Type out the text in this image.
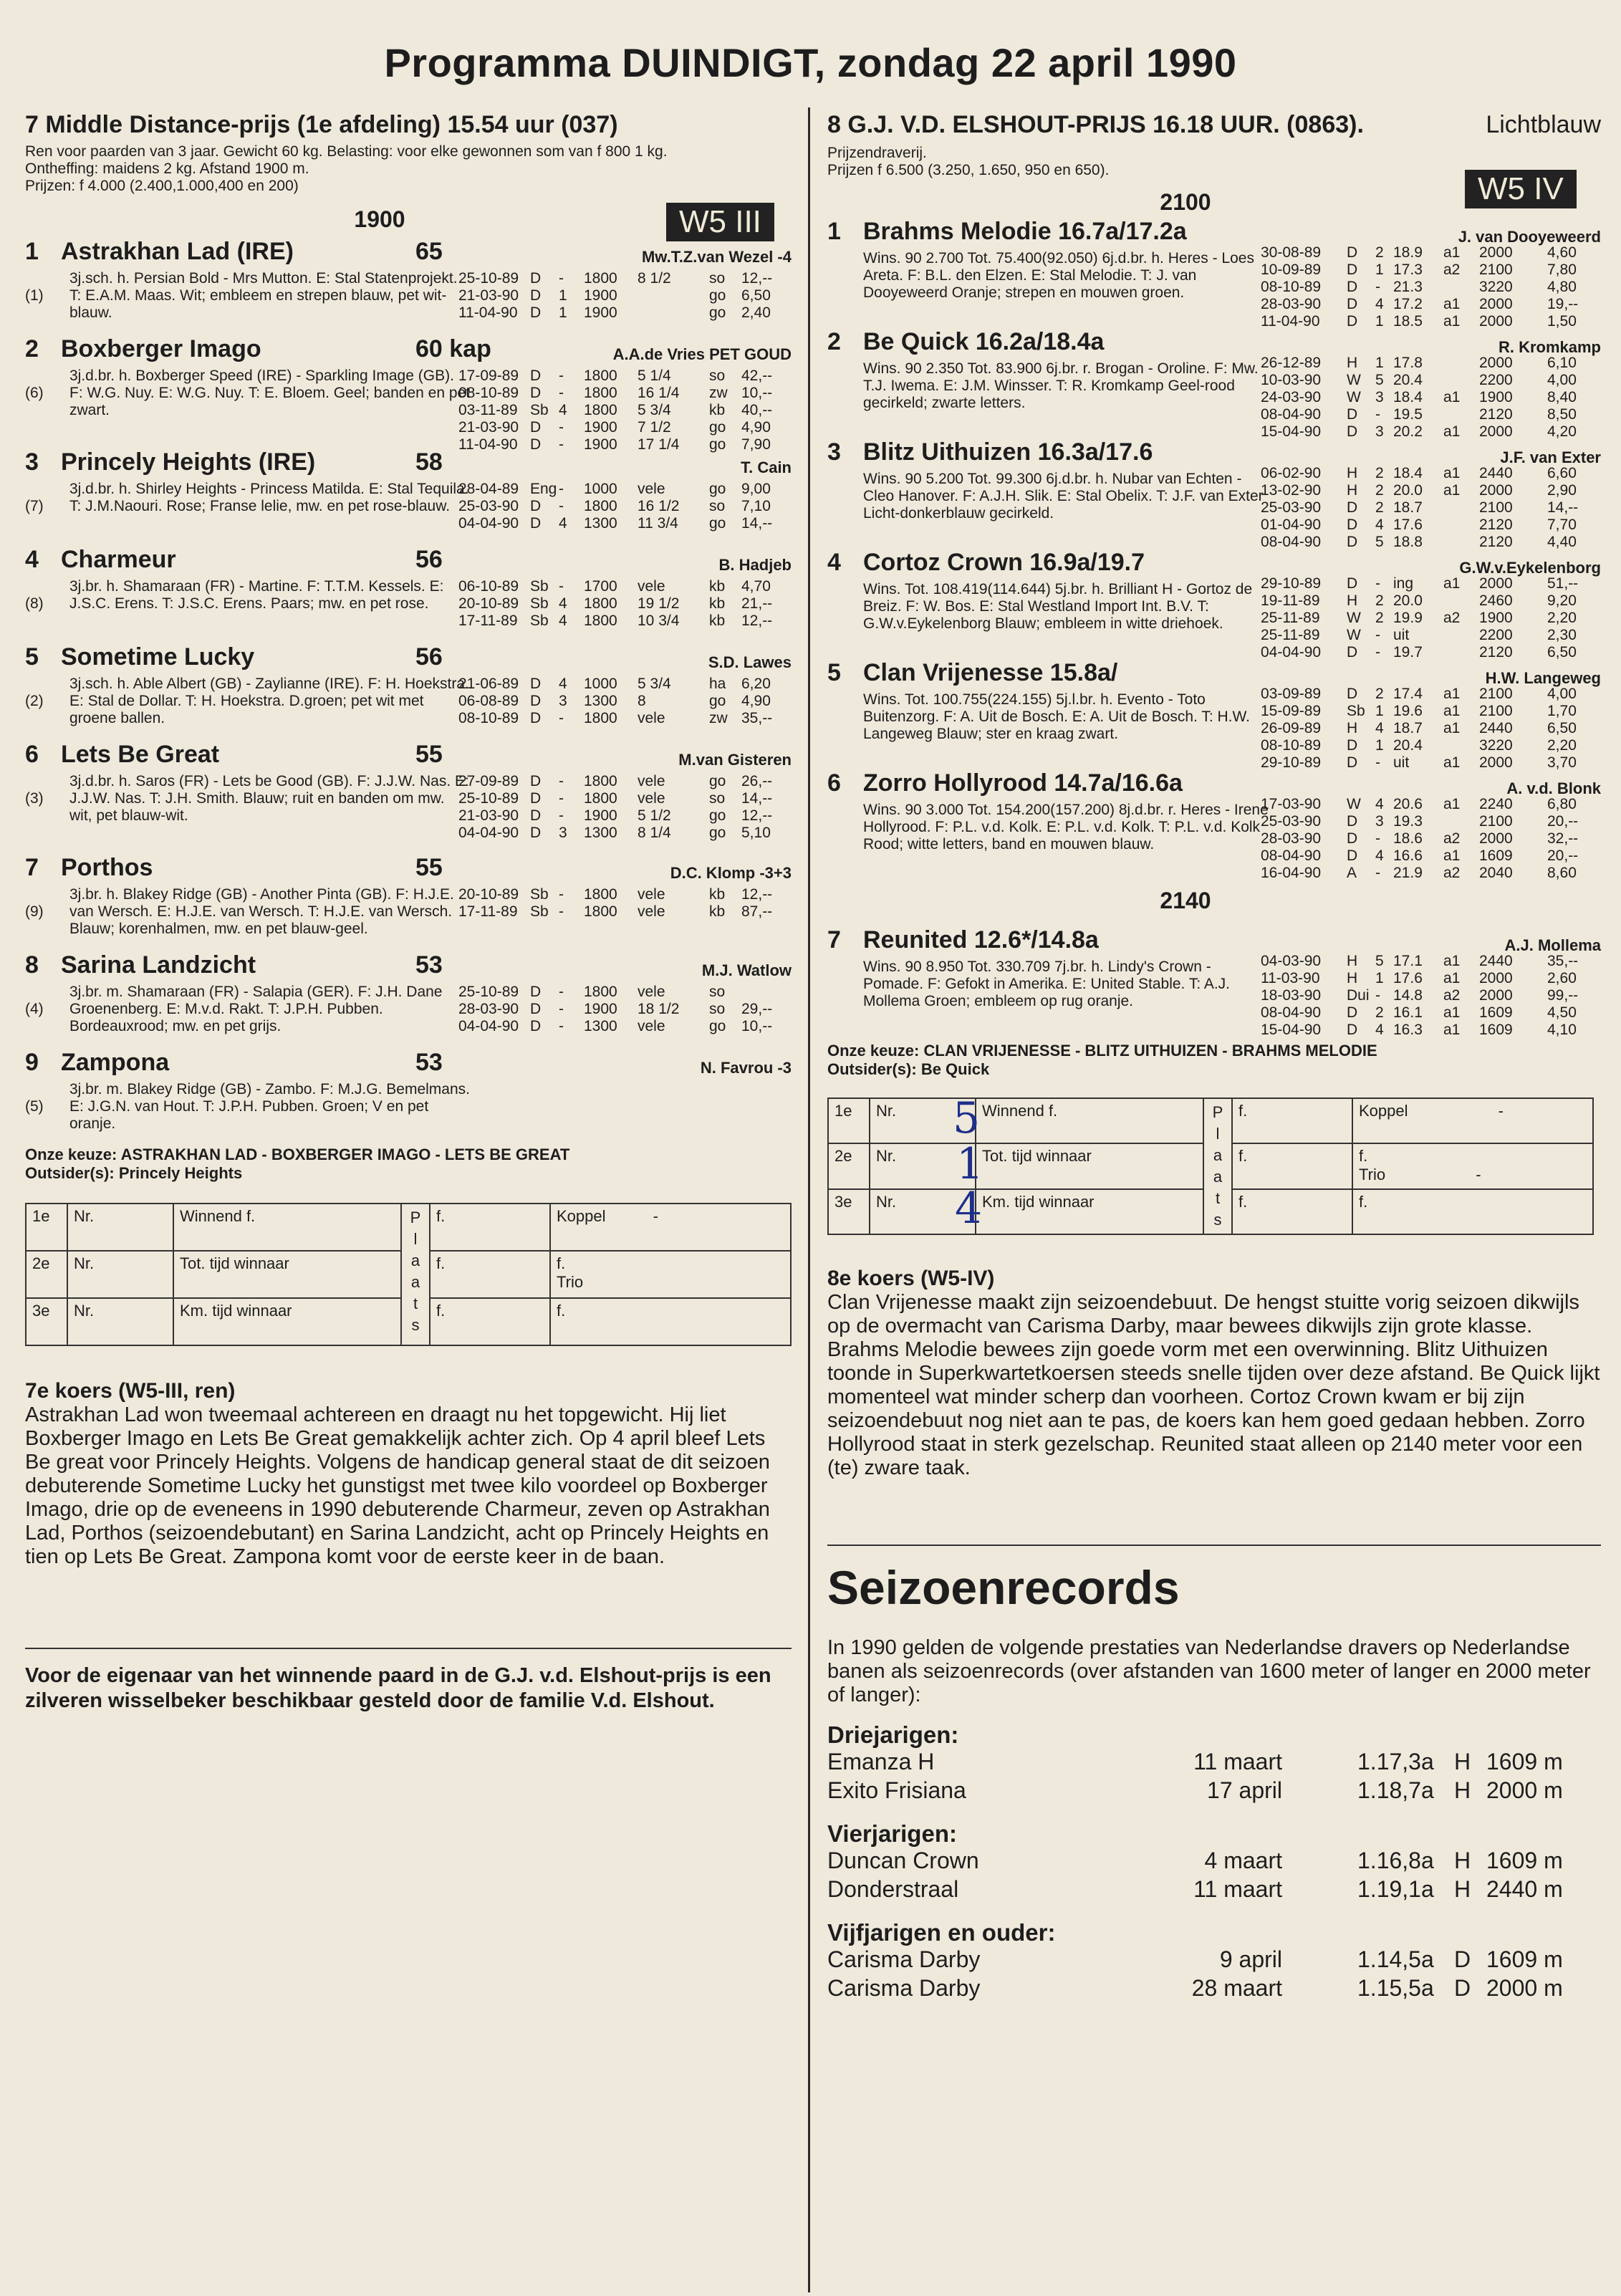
Programma DUINDIGT, zondag 22 april 1990
7 Middle Distance-prijs (1e afdeling) 15.54 uur (037)
Ren voor paarden van 3 jaar. Gewicht 60 kg. Belasting: voor elke gewonnen som van f 800 1 kg.
Ontheffing: maidens 2 kg. Afstand 1900 m.
Prijzen: f 4.000 (2.400,1.000,400 en 200)
W5 III
1900
1 Astrakhan Lad (IRE)	65	Mw.T.Z.van Wezel -4
3j.sch. h. Persian Bold - Mrs Mutton. E: Stal Statenprojekt. T: E.A.M. Maas. Wit; embleem en strepen blauw, pet wit-blauw.
(1)
25-10-89 D - 1800 8 1/2	so 12,--
21-03-90 D 1 1900	go 6,50
11-04-90 D 1 1900	go 2,40
2 Boxberger Imago	60 kap	A.A.de Vries PET GOUD
3j.d.br. h. Boxberger Speed (IRE) - Sparkling Image (GB). F: W.G. Nuy. E: W.G. Nuy. T: E. Bloem. Geel; banden en pet zwart.
(6)
17-09-89 D - 1800 5 1/4	so 42,--
08-10-89 D - 1800 16 1/4 zw 10,--
03-11-89 Sb 4 1800 5 3/4	kb 40,--
21-03-90 D - 1900 7 1/2	go 4,90
11-04-90 D - 1900 17 1/4 go 7,90
3 Princely Heights (IRE)	58	T. Cain
3j.d.br. h. Shirley Heights - Princess Matilda. E: Stal Tequila. T: J.M.Naouri. Rose; Franse lelie, mw. en pet rose-blauw.
(7)
28-04-89 Eng - 1000 vele	go 9,00
25-03-90 D - 1800 16 1/2 so 7,10
04-04-90 D 4 1300 11 3/4 go 14,--
4 Charmeur	56	B. Hadjeb
3j.br. h. Shamaraan (FR) - Martine. F: T.T.M. Kessels. E: J.S.C. Erens. T: J.S.C. Erens. Paars; mw. en pet rose.
(8)
06-10-89 Sb - 1700 vele	kb 4,70
20-10-89 Sb 4 1800 19 1/2 kb 21,--
17-11-89 Sb 4 1800 10 3/4 kb 12,--
5 Sometime Lucky	56	S.D. Lawes
3j.sch. h. Able Albert (GB) - Zaylianne (IRE). F: H. Hoekstra. E: Stal de Dollar. T: H. Hoekstra. D.groen; pet wit met groene ballen.
(2)
21-06-89 D 4 1000 5 3/4	ha 6,20
06-08-89 D 3 1300 8	go 4,90
08-10-89 D - 1800 vele	zw 35,--
6 Lets Be Great	55	M.van Gisteren
3j.d.br. h. Saros (FR) - Lets be Good (GB). F: J.J.W. Nas. E: J.J.W. Nas. T: J.H. Smith. Blauw; ruit en banden om mw. wit, pet blauw-wit.
(3)
27-09-89 D - 1800 vele	go 26,--
25-10-89 D - 1800 vele	so 14,--
21-03-90 D - 1900 5 1/2	go 12,--
04-04-90 D 3 1300 8 1/4	go 5,10
7 Porthos	55	D.C. Klomp -3+3
3j.br. h. Blakey Ridge (GB) - Another Pinta (GB). F: H.J.E. van Wersch. E: H.J.E. van Wersch. T: H.J.E. van Wersch. Blauw; korenhalmen, mw. en pet blauw-geel.
(9)
20-10-89 Sb - 1800 vele	kb 12,--
17-11-89 Sb - 1800 vele	kb 87,--
8 Sarina Landzicht	53	M.J. Watlow
3j.br. m. Shamaraan (FR) - Salapia (GER). F: J.H. Dane Groenenberg. E: M.v.d. Rakt. T: J.P.H. Pubben. Bordeauxrood; mw. en pet grijs.
(4)
25-10-89 D - 1800 vele	so
28-03-90 D - 1900 18 1/2 so 29,--
04-04-90 D - 1300 vele	go 10,--
9 Zampona	53	N. Favrou -3
3j.br. m. Blakey Ridge (GB) - Zambo. F: M.J.G. Bemelmans. E: J.G.N. van Hout. T: J.P.H. Pubben. Groen; V en pet oranje.
(5)
Onze keuze: ASTRAKHAN LAD - BOXBERGER IMAGO - LETS BE GREAT
Outsider(s): Princely Heights
1e	Nr.	Winnend f.	P l a a t s	f.	Koppel -
2e	Nr.	Tot. tijd winnaar		f.	f.
Trio

3e	Nr.	Km. tijd winnaar		f.	f.
7e koers (W5-III, ren)
Astrakhan Lad won tweemaal achtereen en draagt nu het topgewicht. Hij liet Boxberger Imago en Lets Be Great gemakkelijk achter zich. Op 4 april bleef Lets Be great voor Princely Heights. Volgens de handicap general staat de dit seizoen debuterende Sometime Lucky het gunstigst met twee kilo voordeel op Boxberger Imago, drie op de eveneens in 1990 debuterende Charmeur, zeven op Astrakhan Lad, Porthos (seizoendebutant) en Sarina Landzicht, acht op Princely Heights en tien op Lets Be Great. Zampona komt voor de eerste keer in de baan.
Voor de eigenaar van het winnende paard in de G.J. v.d. Elshout-prijs is een zilveren wisselbeker beschikbaar gesteld door de familie V.d. Elshout.
8 G.J. V.D. ELSHOUT-PRIJS 16.18 UUR. (0863).	Lichtblauw
Prijzendraverij.
Prijzen f 6.500 (3.250, 1.650, 950 en 650).
W5 IV
2100
1 Brahms Melodie 16.7a/17.2a	J. van Dooyeweerd
Wins. 90 2.700 Tot. 75.400(92.050) 6j.d.br. h. Heres - Loes Areta. F: B.L. den Elzen. E: Stal Melodie. T: J. van Dooyeweerd Oranje; strepen en mouwen groen.
30-08-89 D 2 18.9 a1 2000 4,60
10-09-89 D 1 17.3 a2 2100 7,80
08-10-89 D - 21.3	3220 4,80
28-03-90 D 4 17.2 a1 2000 19,--
11-04-90 D 1 18.5 a1 2000 1,50
2 Be Quick 16.2a/18.4a	R. Kromkamp
Wins. 90 2.350 Tot. 83.900 6j.br. r. Brogan - Oroline. F: Mw. T.J. Iwema. E: J.M. Winsser. T: R. Kromkamp Geel-rood gecirkeld; zwarte letters.
26-12-89 H 1 17.8	2000 6,10
10-03-90 W 5 20.4	2200 4,00
24-03-90 W 3 18.4 a1 1900 8,40
08-04-90 D - 19.5	2120 8,50
15-04-90 D 3 20.2 a1 2000 4,20
3 Blitz Uithuizen 16.3a/17.6	J.F. van Exter
Wins. 90 5.200 Tot. 99.300 6j.d.br. h. Nubar van Echten - Cleo Hanover. F: A.J.H. Slik. E: Stal Obelix. T: J.F. van Exter Licht-donkerblauw gecirkeld.
06-02-90 H 2 18.4 a1 2440 6,60
13-02-90 H 2 20.0 a1 2000 2,90
25-03-90 D 2 18.7	2100 14,--
01-04-90 D 4 17.6	2120 7,70
08-04-90 D 5 18.8	2120 4,40
4 Cortoz Crown 16.9a/19.7	G.W.v.Eykelenborg
Wins. Tot. 108.419(114.644) 5j.br. h. Brilliant H - Gortoz de Breiz. F: W. Bos. E: Stal Westland Import Int. B.V. T: G.W.v.Eykelenborg Blauw; embleem in witte driehoek.
29-10-89 D - ing a1 2000 51,--
19-11-89 H 2 20.0	2460 9,20
25-11-89 W 2 19.9 a2 1900 2,20
25-11-89 W - uit	2200 2,30
04-04-90 D - 19.7	2120 6,50
5 Clan Vrijenesse 15.8a/	H.W. Langeweg
Wins. Tot. 100.755(224.155) 5j.l.br. h. Evento - Toto Buitenzorg. F: A. Uit de Bosch. E: A. Uit de Bosch. T: H.W. Langeweg Blauw; ster en kraag zwart.
03-09-89 D 2 17.4 a1 2100 4,00
15-09-89 Sb 1 19.6 a1 2100 1,70
26-09-89 H 4 18.7 a1 2440 6,50
08-10-89 D 1 20.4	3220 2,20
29-10-89 D - uit a1 2000 3,70
6 Zorro Hollyrood 14.7a/16.6a	A. v.d. Blonk
Wins. 90 3.000 Tot. 154.200(157.200) 8j.d.br. r. Heres - Irene Hollyrood. F: P.L. v.d. Kolk. E: P.L. v.d. Kolk. T: P.L. v.d. Kolk Rood; witte letters, band en mouwen blauw.
17-03-90 W 4 20.6 a1 2240 6,80
25-03-90 D 3 19.3	2100 20,--
28-03-90 D - 18.6 a2 2000 32,--
08-04-90 D 4 16.6 a1 1609 20,--
16-04-90 A - 21.9 a2 2040 8,60
2140
7 Reunited 12.6*/14.8a	A.J. Mollema
Wins. 90 8.950 Tot. 330.709 7j.br. h. Lindy's Crown - Pomade. F: Gefokt in Amerika. E: United Stable. T: A.J. Mollema Groen; embleem op rug oranje.
04-03-90 H 5 17.1 a1 2440 35,--
11-03-90 H 1 17.6 a1 2000 2,60
18-03-90 Dui - 14.8 a2 2000 99,--
08-04-90 D 2 16.1 a1 1609 4,50
15-04-90 D 4 16.3 a1 1609 4,10
Onze keuze: CLAN VRIJENESSE - BLITZ UITHUIZEN - BRAHMS MELODIE
Outsider(s): Be Quick
1e	Nr.	Winnend f.	P l a a t s	f.	Koppel -
2e	Nr.	Tot. tijd winnaar		f.	f.
Trio -

3e	Nr.	Km. tijd winnaar		f.	f.
5
1
4
8e koers (W5-IV)
Clan Vrijenesse maakt zijn seizoendebuut. De hengst stuitte vorig seizoen dikwijls op de overmacht van Carisma Darby, maar bewees dikwijls zijn grote klasse. Brahms Melodie bewees zijn goede vorm met een overwinning. Blitz Uithuizen toonde in Superkwartetkoersen steeds snelle tijden over deze afstand. Be Quick lijkt momenteel wat minder scherp dan voorheen. Cortoz Crown kwam er bij zijn seizoendebuut nog niet aan te pas, de koers kan hem goed gedaan hebben. Zorro Hollyrood staat in sterk gezelschap. Reunited staat alleen op 2140 meter voor een (te) zware taak.
Seizoenrecords
In 1990 gelden de volgende prestaties van Nederlandse dravers op Nederlandse banen als seizoenrecords (over afstanden van 1600 meter of langer en 2000 meter of langer):
Driejarigen:
Emanza H	11 maart	1.17,3a H 1609 m
Exito Frisiana	17 april	1.18,7a H 2000 m
Vierjarigen:
Duncan Crown	4 maart	1.16,8a H 1609 m
Donderstraal	11 maart	1.19,1a H 2440 m
Vijfjarigen en ouder:
Carisma Darby	9 april	1.14,5a D 1609 m
Carisma Darby	28 maart	1.15,5a D 2000 m
